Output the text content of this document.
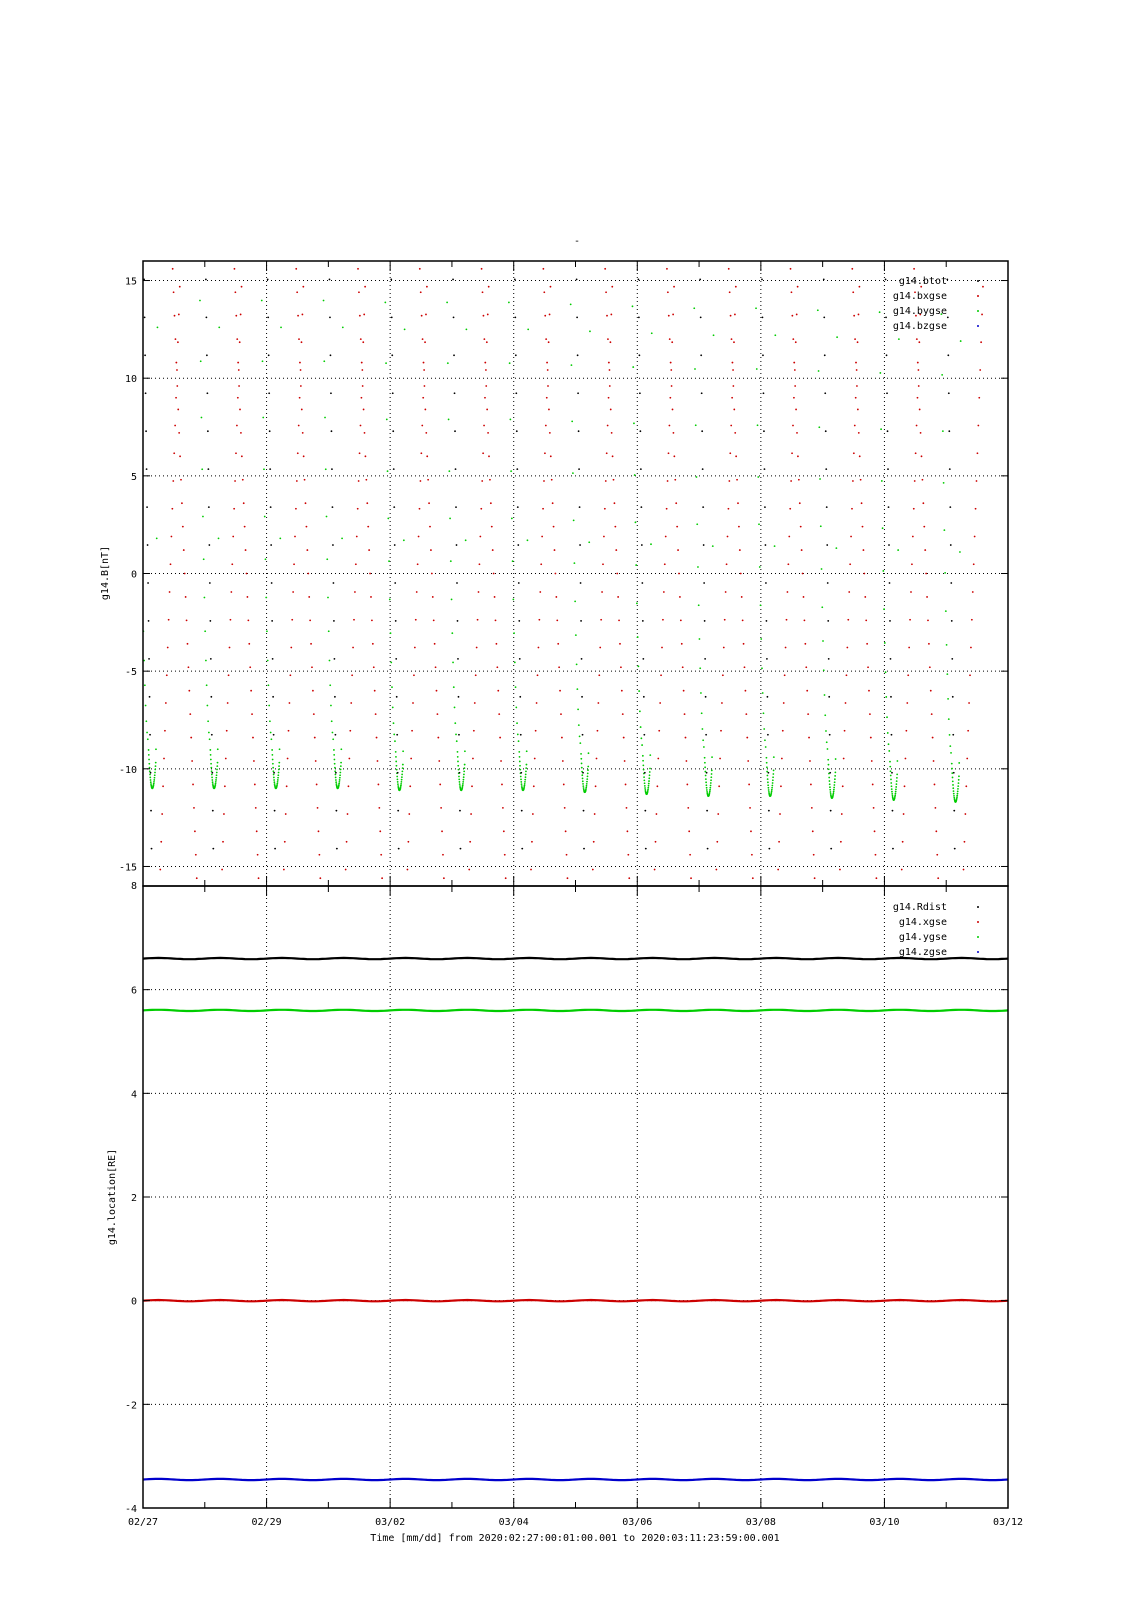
-
-15
-10
-5
0
5
10
15	g14.btot
g14.bxgse
g14.bygse
g14.bzgse
g14.B[nT]
-4
-2
0
2
4
6
8
g14.Rdist
g14.xgse
g14.ygse
g14.zgse
g14.location[RE]
02/27	02/29	03/02	03/04	03/06	03/08	03/10	03/12
Time [mm/dd] from 2020:02:27:00:01:00.001 to 2020:03:11:23:59:00.001
